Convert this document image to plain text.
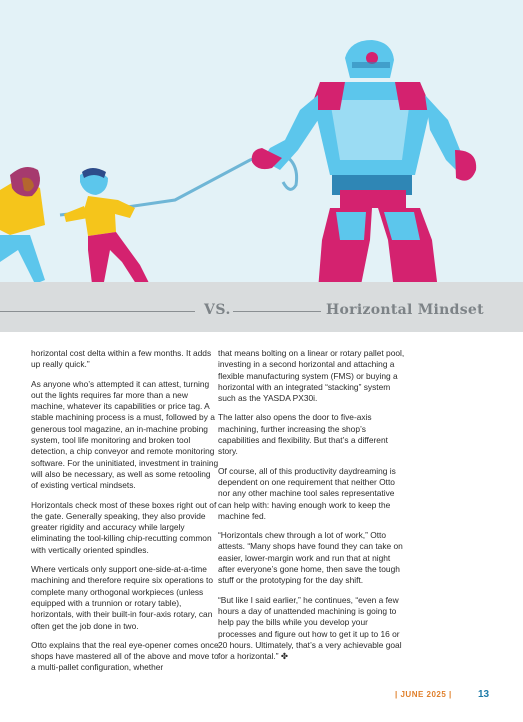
VS.	Horizontal Mindset

horizontal cost delta within a few months. It adds up really quick.”

As anyone who’s attempted it can attest, turning out the lights requires far more than a new machine, whatever its capabilities or price tag. A stable machining process is a must, followed by a generous tool magazine, an in-machine probing system, tool life monitoring and broken tool detection, a chip conveyor and remote monitoring software. For the uninitiated, investment in training will also be necessary, as well as some retooling of existing vertical mindsets.

Horizontals check most of these boxes right out of the gate. Generally speaking, they also provide greater rigidity and accuracy while largely eliminating the tool-killing chip-recutting common with vertically oriented spindles.

Where verticals only support one-side-at-a-time machining and therefore require six operations to complete many orthogonal workpieces (unless equipped with a trunnion or rotary table), horizontals, with their built-in four-axis rotary, can often get the job done in two.

Otto explains that the real eye-opener comes once shops have mastered all of the above and move to a multi-pallet configuration, whether

that means bolting on a linear or rotary pallet pool, investing in a second horizontal and attaching a flexible manufacturing system (FMS) or buying a horizontal with an integrated “stacking” system such as the YASDA PX30i.

The latter also opens the door to five-axis machining, further increasing the shop’s capabilities and flexibility. But that’s a different story.

Of course, all of this productivity daydreaming is dependent on one requirement that neither Otto nor any other machine tool sales representative can help with: having enough work to keep the machine fed.

“Horizontals chew through a lot of work,” Otto attests. “Many shops have found they can take on easier, lower-margin work and run that at night after everyone’s gone home, then save the tough stuff or the prototyping for the day shift.

“But like I said earlier,” he continues, “even a few hours a day of unattended machining is going to help pay the bills while you develop your processes and figure out how to get it up to 16 or 20 hours. Ultimately, that’s a very achievable goal for a horizontal.” ✤

| JUNE 2025 |	13
